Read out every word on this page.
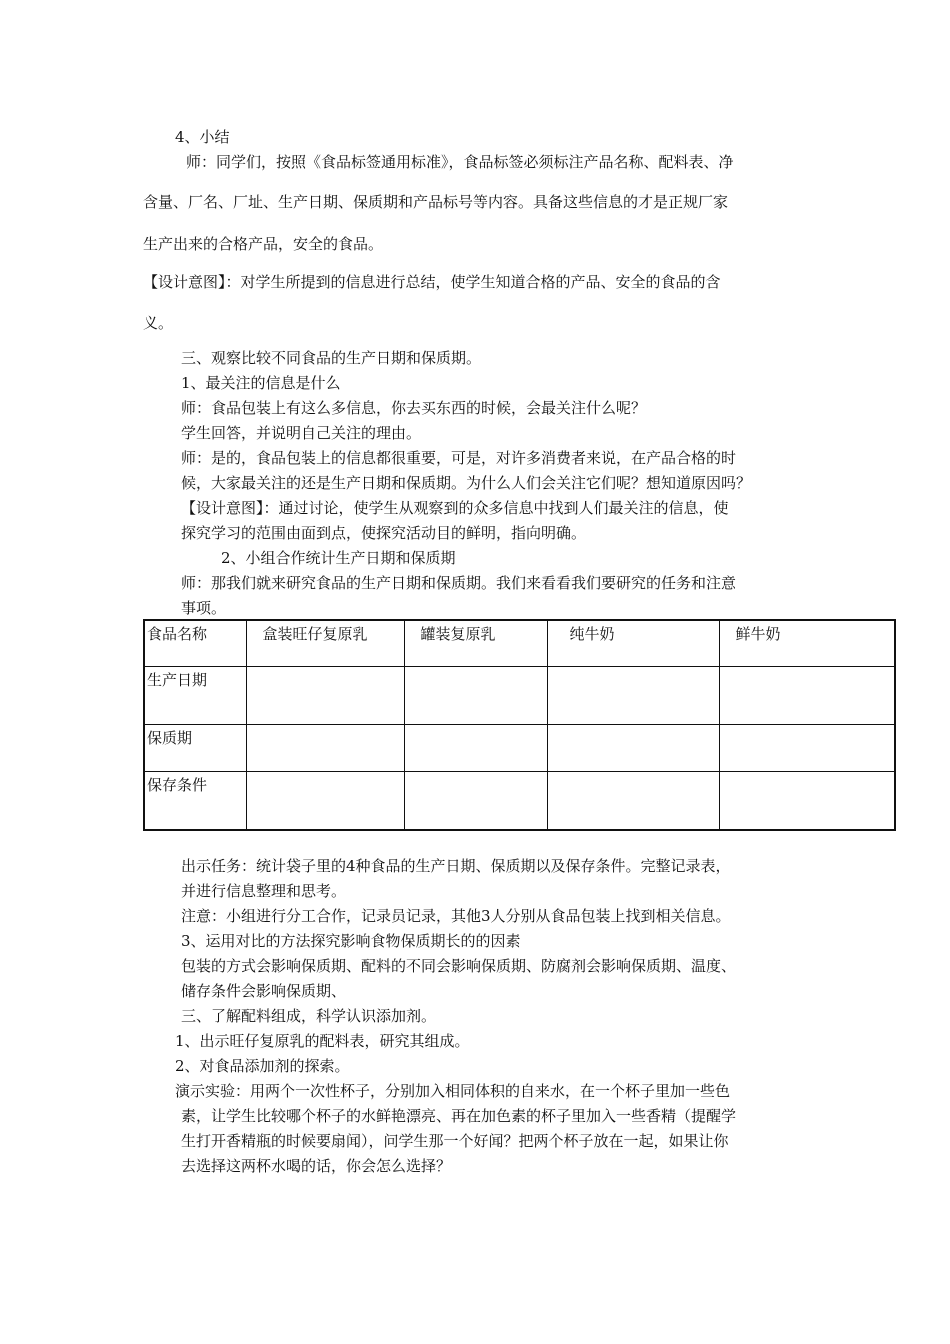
4、小结
师：同学们，按照《食品标签通用标准》，食品标签必须标注产品名称、配料表、净
含量、厂名、厂址、生产日期、保质期和产品标号等内容。具备这些信息的才是正规厂家
生产出来的合格产品，安全的食品。
【设计意图】：对学生所提到的信息进行总结，使学生知道合格的产品、安全的食品的含
义。
三、观察比较不同食品的生产日期和保质期。
1、最关注的信息是什么
师：食品包装上有这么多信息，你去买东西的时候，会最关注什么呢？
学生回答，并说明自己关注的理由。
师：是的，食品包装上的信息都很重要，可是，对许多消费者来说，在产品合格的时
候，大家最关注的还是生产日期和保质期。为什么人们会关注它们呢？想知道原因吗？
【设计意图】：通过讨论，使学生从观察到的众多信息中找到人们最关注的信息，使
探究学习的范围由面到点，使探究活动目的鲜明，指向明确。
2、小组合作统计生产日期和保质期
师：那我们就来研究食品的生产日期和保质期。我们来看看我们要研究的任务和注意
事项。
食品名称	盒装旺仔复原乳	罐装复原乳	纯牛奶	鲜牛奶
生产日期				
保质期				
保存条件				
出示任务：统计袋子里的4种食品的生产日期、保质期以及保存条件。完整记录表，
并进行信息整理和思考。
注意：小组进行分工合作，记录员记录，其他3人分别从食品包装上找到相关信息。
3、运用对比的方法探究影响食物保质期长的的因素
包装的方式会影响保质期、配料的不同会影响保质期、防腐剂会影响保质期、温度、
储存条件会影响保质期、
三、了解配料组成，科学认识添加剂。
1、出示旺仔复原乳的配料表，研究其组成。
2、对食品添加剂的探索。
演示实验：用两个一次性杯子，分别加入相同体积的自来水，在一个杯子里加一些色
素，让学生比较哪个杯子的水鲜艳漂亮、再在加色素的杯子里加入一些香精（提醒学
生打开香精瓶的时候要扇闻），问学生那一个好闻？把两个杯子放在一起，如果让你
去选择这两杯水喝的话，你会怎么选择？
